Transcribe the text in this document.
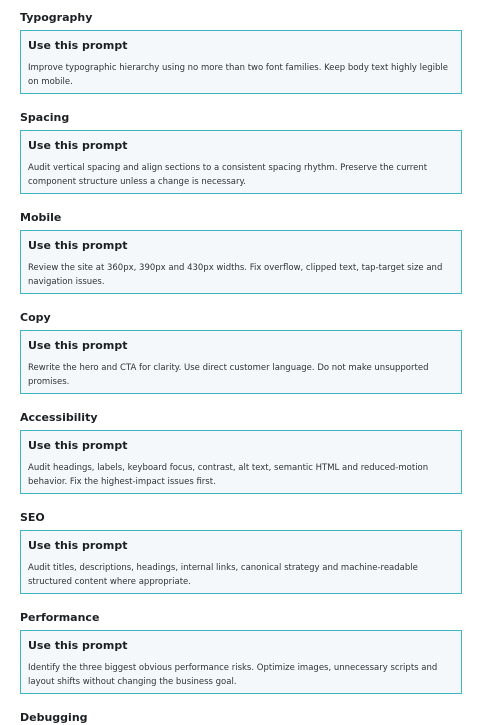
Typography
Use this prompt

Improve typographic hierarchy using no more than two font families. Keep body text highly legible on mobile.

Spacing
Use this prompt

Audit vertical spacing and align sections to a consistent spacing rhythm. Preserve the current component structure unless a change is necessary.

Mobile
Use this prompt

Review the site at 360px, 390px and 430px widths. Fix overflow, clipped text, tap-target size and navigation issues.

Copy
Use this prompt

Rewrite the hero and CTA for clarity. Use direct customer language. Do not make unsupported promises.

Accessibility
Use this prompt

Audit headings, labels, keyboard focus, contrast, alt text, semantic HTML and reduced-motion behavior. Fix the highest-impact issues first.

SEO
Use this prompt

Audit titles, descriptions, headings, internal links, canonical strategy and machine-readable structured content where appropriate.

Performance
Use this prompt

Identify the three biggest obvious performance risks. Optimize images, unnecessary scripts and layout shifts without changing the business goal.

Debugging
